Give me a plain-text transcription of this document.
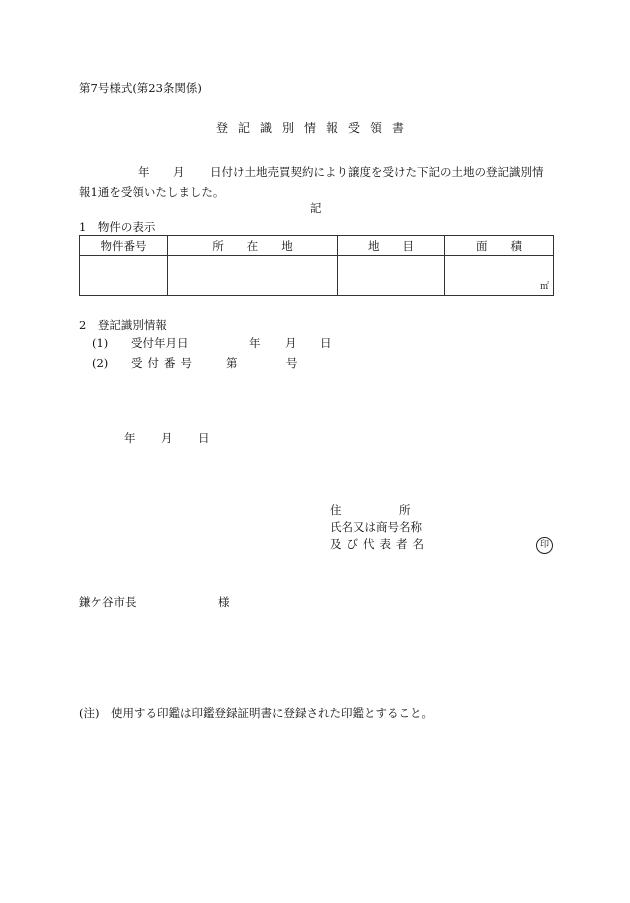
第7号様式(第23条関係)
登記識別情報受領書
年 月 日付け土地売買契約により譲度を受けた下記の土地の登記識別情
報1通を受領いたしました。
記
1　物件の表示
物件番号	所　　在　　地	地　　目	面　　積

			㎡
2　登記識別情報
(1) 受付年月日	年 月 日
(2) 受付番号	第	号
年 月 日
住　　　　　所
氏名又は商号名称
及び代表者名	印
鎌ケ谷市長	様
(注)　使用する印鑑は印鑑登録証明書に登録された印鑑とすること。
